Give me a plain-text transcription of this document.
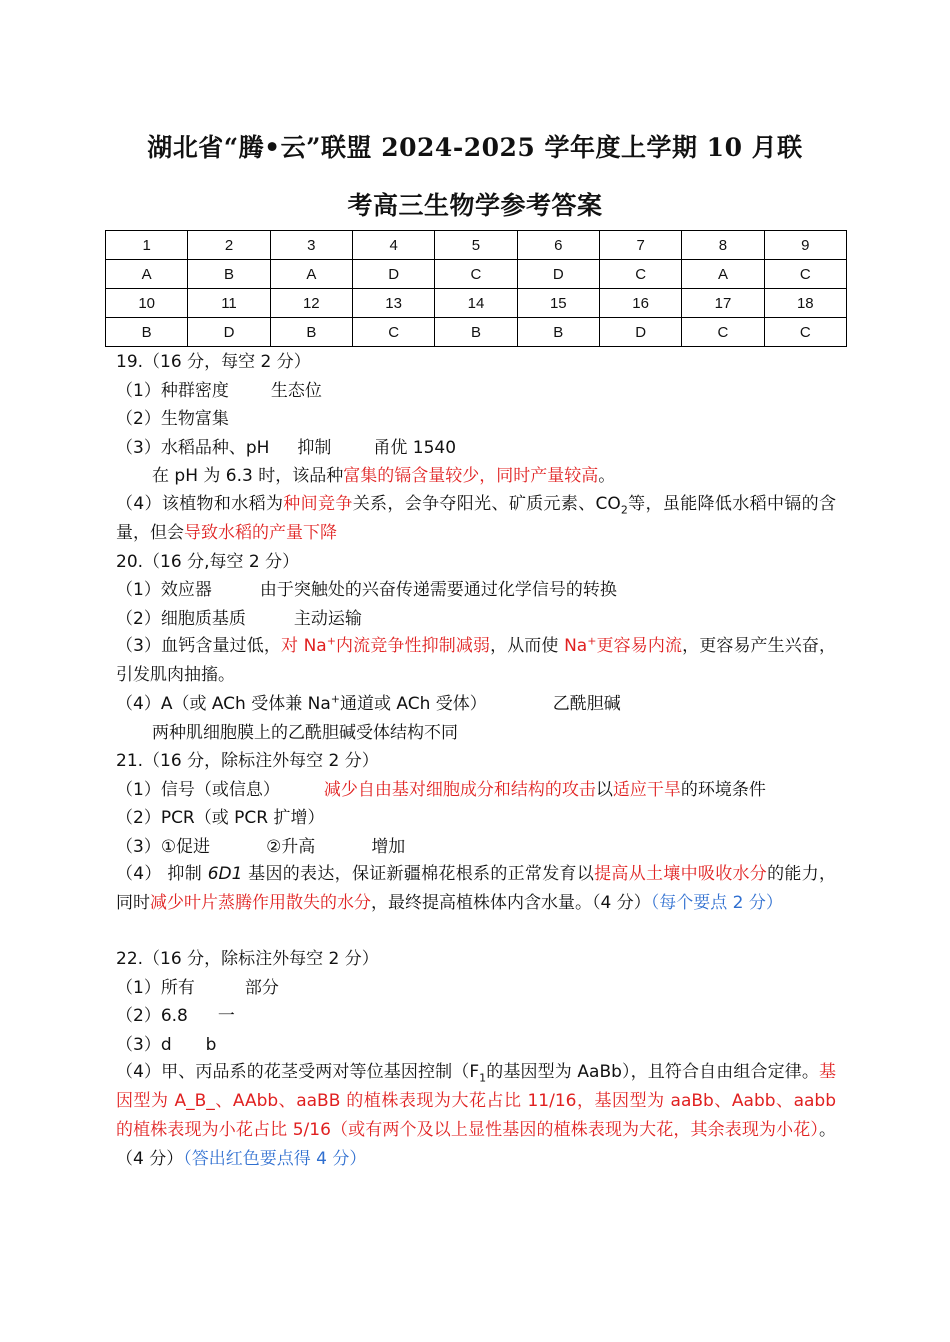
湖北省“腾•云”联盟 2024-2025 学年度上学期 10 月联
考高三生物学参考答案
1	2	3	4	5	6	7	8	9
A	B	A	D	C	D	C	A	C
10	11	12	13	14	15	16	17	18
B	D	B	C	B	B	D	C	C
19.（16 分，每空 2 分）
（1）种群密度 生态位
（2）生物富集
（3）水稻品种、pH 抑制 甬优 1540
在 pH 为 6.3 时，该品种富集的镉含量较少，同时产量较高。
（4）该植物和水稻为种间竞争关系，会争夺阳光、矿质元素、$CO_2$等，虽能降低水稻中镉的含量，但会导致水稻的产量下降
20.（16 分,每空 2 分）
（1）效应器	由于突触处的兴奋传递需要通过化学信号的转换
（2）细胞质基质	主动运输
（3）血钙含量过低，对 Na+内流竞争性抑制减弱，从而使 Na+更容易内流，更容易产生兴奋，引发肌肉抽搐。
（4）A（或 ACh 受体兼 Na+通道或 ACh 受体）	乙酰胆碱
两种肌细胞膜上的乙酰胆碱受体结构不同
21.（16 分，除标注外每空 2 分）
（1）信号（或信息）	减少自由基对细胞成分和结构的攻击以适应干旱的环境条件
（2）PCR（或 PCR 扩增）
（3）①促进	②升高	增加
（4） 抑制 6D1 基因的表达，保证新疆棉花根系的正常发育以提高从土壤中吸收水分的能力，同时减少叶片蒸腾作用散失的水分，最终提高植株体内含水量。（4 分）（每个要点 2 分）
22.（16 分，除标注外每空 2 分）
（1）所有	部分
（2）6.8 一
（3）d b
（4）甲、丙品系的花茎受两对等位基因控制（$F_1$的基因型为 AaBb），且符合自由组合定律。基因型为 A_B_、AAbb、aaBB 的植株表现为大花占比 11/16，基因型为 aaBb、Aabb、aabb 的植株表现为小花占比 5/16（或有两个及以上显性基因的植株表现为大花，其余表现为小花）。（4 分）（答出红色要点得 4 分）
